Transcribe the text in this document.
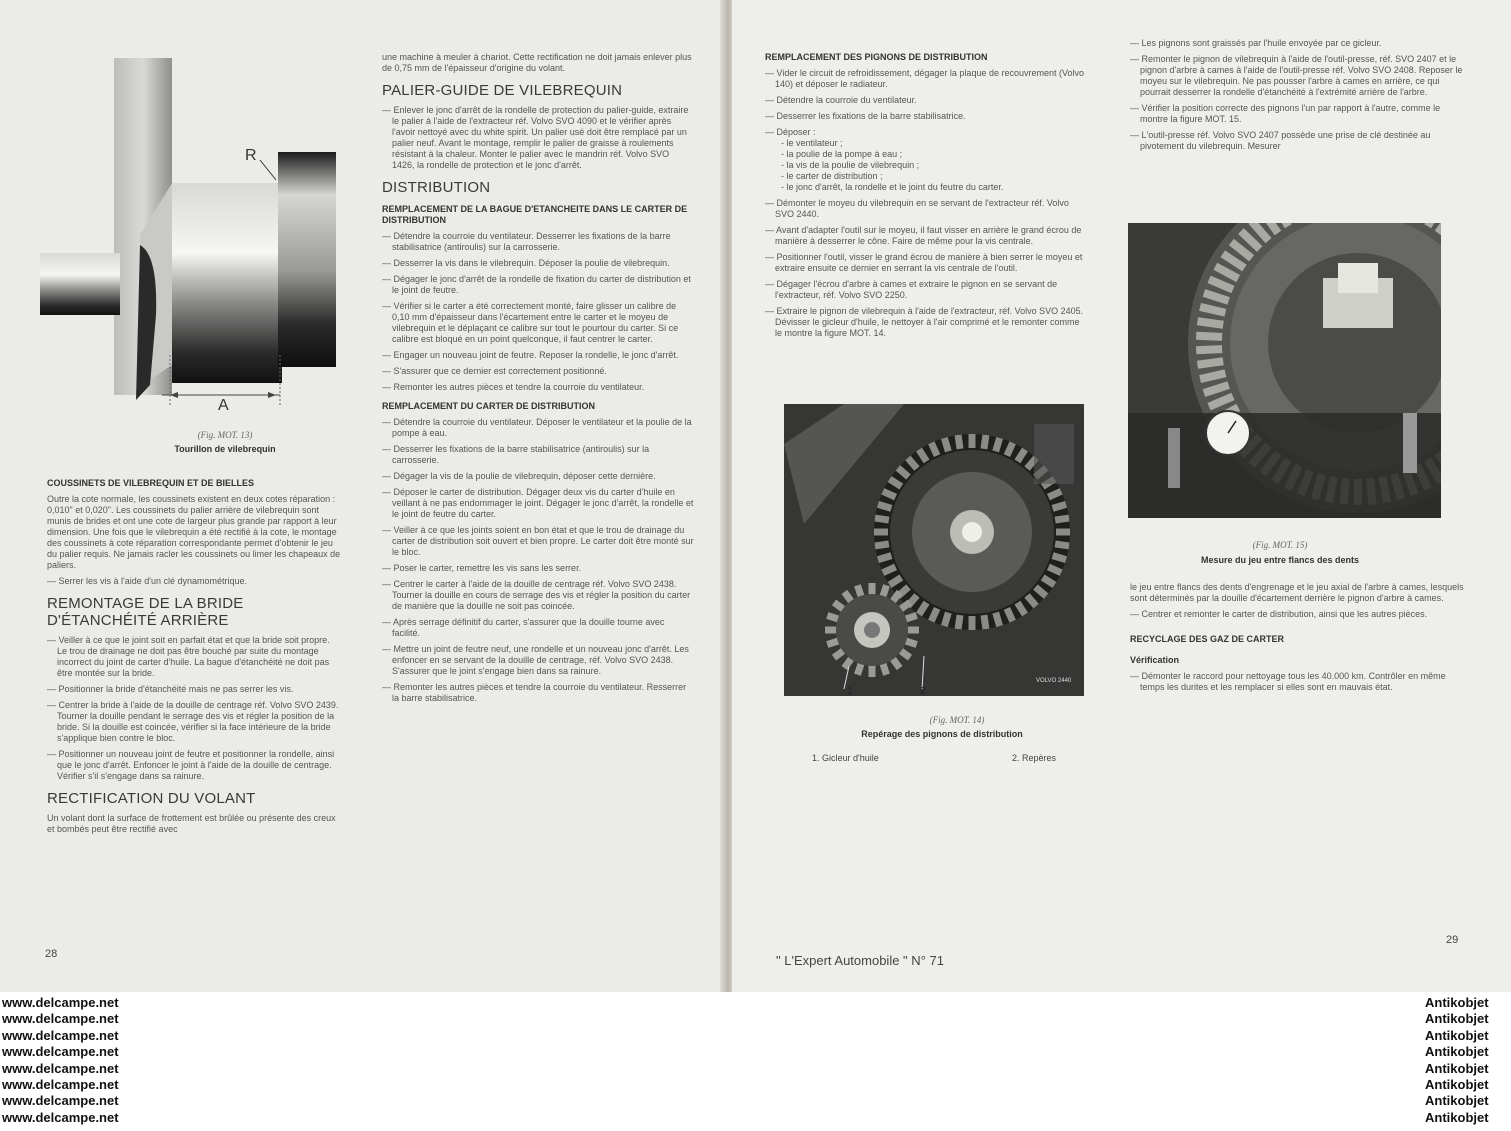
A
R
(Fig. MOT. 13)
Tourillon de vilebrequin
COUSSINETS DE VILEBREQUIN ET DE BIELLES

Outre la cote normale, les coussinets existent en deux cotes réparation : 0,010" et 0,020". Les coussinets du palier arrière de vilebrequin sont munis de brides et ont une cote de largeur plus grande par rapport à leur dimension. Une fois que le vilebrequin a été rectifié à la cote, le montage des coussinets à cote réparation correspondante permet d'obtenir le jeu du palier requis. Ne jamais racler les coussinets ou limer les chapeaux de paliers.

— Serrer les vis à l'aide d'un clé dynamométrique.

REMONTAGE DE LA BRIDE D'ÉTANCHÉITÉ ARRIÈRE

— Veiller à ce que le joint soit en parfait état et que la bride soit propre. Le trou de drainage ne doit pas être bouché par suite du montage incorrect du joint de carter d'huile. La bague d'étanchéité ne doit pas être montée sur la bride.

— Positionner la bride d'étanchéité mais ne pas serrer les vis.

— Centrer la bride à l'aide de la douille de centrage réf. Volvo SVO 2439. Tourner la douille pendant le serrage des vis et régler la position de la bride. Si la douille est coincée, vérifier si la face intérieure de la bride s'applique bien contre le bloc.

— Positionner un nouveau joint de feutre et positionner la rondelle, ainsi que le jonc d'arrêt. Enfoncer le joint à l'aide de la douille de centrage. Vérifier s'il s'engage dans sa rainure.

RECTIFICATION DU VOLANT

Un volant dont la surface de frottement est brûlée ou présente des creux et bombés peut être rectifié avec

une machine à meuler à chariot. Cette rectification ne doit jamais enlever plus de 0,75 mm de l'épaisseur d'origine du volant.

PALIER-GUIDE DE VILEBREQUIN

— Enlever le jonc d'arrêt de la rondelle de protection du palier-guide, extraire le palier à l'aide de l'extracteur réf. Volvo SVO 4090 et le vérifier après l'avoir nettoyé avec du white spirit. Un palier usé doit être remplacé par un palier neuf. Avant le montage, remplir le palier de graisse à roulements résistant à la chaleur. Monter le palier avec le mandrin réf. Volvo SVO 1426, la rondelle de protection et le jonc d'arrêt.

DISTRIBUTION
REMPLACEMENT DE LA BAGUE D'ETANCHEITE DANS LE CARTER DE DISTRIBUTION

— Détendre la courroie du ventilateur. Desserrer les fixations de la barre stabilisatrice (antiroulis) sur la carrosserie.

— Desserrer la vis dans le vilebrequin. Déposer la poulie de vilebrequin.

— Dégager le jonc d'arrêt de la rondelle de fixation du carter de distribution et le joint de feutre.

— Vérifier si le carter a été correctement monté, faire glisser un calibre de 0,10 mm d'épaisseur dans l'écartement entre le carter et le moyeu de vilebrequin et le déplaçant ce calibre sur tout le pourtour du carter. Si ce calibre est bloqué en un point quelconque, il faut centrer le carter.

— Engager un nouveau joint de feutre. Reposer la rondelle, le jonc d'arrêt.

— S'assurer que ce dernier est correctement positionné.

— Remonter les autres pièces et tendre la courroie du ventilateur.

REMPLACEMENT DU CARTER DE DISTRIBUTION

— Détendre la courroie du ventilateur. Déposer le ventilateur et la poulie de la pompe à eau.

— Desserrer les fixations de la barre stabilisatrice (antiroulis) sur la carrosserie.

— Dégager la vis de la poulie de vilebrequin, déposer cette dernière.

— Déposer le carter de distribution. Dégager deux vis du carter d'huile en veillant à ne pas endommager le joint. Dégager le jonc d'arrêt, la rondelle et le joint de feutre du carter.

— Veiller à ce que les joints soient en bon état et que le trou de drainage du carter de distribution soit ouvert et bien propre. Le carter doit être monté sur le bloc.

— Poser le carter, remettre les vis sans les serrer.

— Centrer le carter à l'aide de la douille de centrage réf. Volvo SVO 2438. Tourner la douille en cours de serrage des vis et régler la position du carter de manière que la douille ne soit pas coincée.

— Après serrage définitif du carter, s'assurer que la douille tourne avec facilité.

— Mettre un joint de feutre neuf, une rondelle et un nouveau jonc d'arrêt. Les enfoncer en se servant de la douille de centrage, réf. Volvo SVO 2438. S'assurer que le joint s'engage bien dans sa rainure.

— Remonter les autres pièces et tendre la courroie du ventilateur. Resserrer la barre stabilisatrice.

28
REMPLACEMENT DES PIGNONS DE DISTRIBUTION

— Vider le circuit de refroidissement, dégager la plaque de recouvrement (Volvo 140) et déposer le radiateur.

— Détendre la courroie du ventilateur.

— Desserrer les fixations de la barre stabilisatrice.

— Déposer :

- le ventilateur ;
- la poulie de la pompe à eau ;
- la vis de la poulie de vilebrequin ;
- le carter de distribution ;

- le jonc d'arrêt, la rondelle et le joint du feutre du carter.

— Démonter le moyeu du vilebrequin en se servant de l'extracteur réf. Volvo SVO 2440.

— Avant d'adapter l'outil sur le moyeu, il faut visser en arrière le grand écrou de manière à desserrer le cône. Faire de même pour la vis centrale.

— Positionner l'outil, visser le grand écrou de manière à bien serrer le moyeu et extraire ensuite ce dernier en serrant la vis centrale de l'outil.

— Dégager l'écrou d'arbre à cames et extraire le pignon en se servant de l'extracteur, réf. Volvo SVO 2250.

— Extraire le pignon de vilebrequin à l'aide de l'extracteur, réf. Volvo SVO 2405. Dévisser le gicleur d'huile, le nettoyer à l'air comprimé et le remonter comme le montre la figure MOT. 14.

1	2
VOLVO 2440
(Fig. MOT. 14)
Repérage des pignons de distribution
1. Gicleur d'huile	2. Repères

— Les pignons sont graissés par l'huile envoyée par ce gicleur.

— Remonter le pignon de vilebrequin à l'aide de l'outil-presse, réf. SVO 2407 et le pignon d'arbre à cames à l'aide de l'outil-presse réf. Volvo SVO 2408. Reposer le moyeu sur le vilebrequin. Ne pas pousser l'arbre à cames en arrière, ce qui pourrait desserrer la rondelle d'étanchéité à l'extrémité arrière de l'arbre.

— Vérifier la position correcte des pignons l'un par rapport à l'autre, comme le montre la figure MOT. 15.

— L'outil-presse réf. Volvo SVO 2407 possède une prise de clé destinée au pivotement du vilebrequin. Mesurer

(Fig. MOT. 15)
Mesure du jeu entre flancs des dents

le jeu entre flancs des dents d'engrenage et le jeu axial de l'arbre à cames, lesquels sont déterminés par la douille d'écartement derrière le pignon d'arbre à cames.

— Centrer et remonter le carter de distribution, ainsi que les autres pièces.

RECYCLAGE DES GAZ DE CARTER
Vérification

— Démonter le raccord pour nettoyage tous les 40.000 km. Contrôler en même temps les durites et les remplacer si elles sont en mauvais état.

29
" L'Expert Automobile " N° 71
www.delcampe.net
www.delcampe.net
www.delcampe.net
www.delcampe.net
www.delcampe.net
www.delcampe.net
www.delcampe.net
www.delcampe.net
Antikobjet
Antikobjet
Antikobjet
Antikobjet
Antikobjet
Antikobjet
Antikobjet
Antikobjet
